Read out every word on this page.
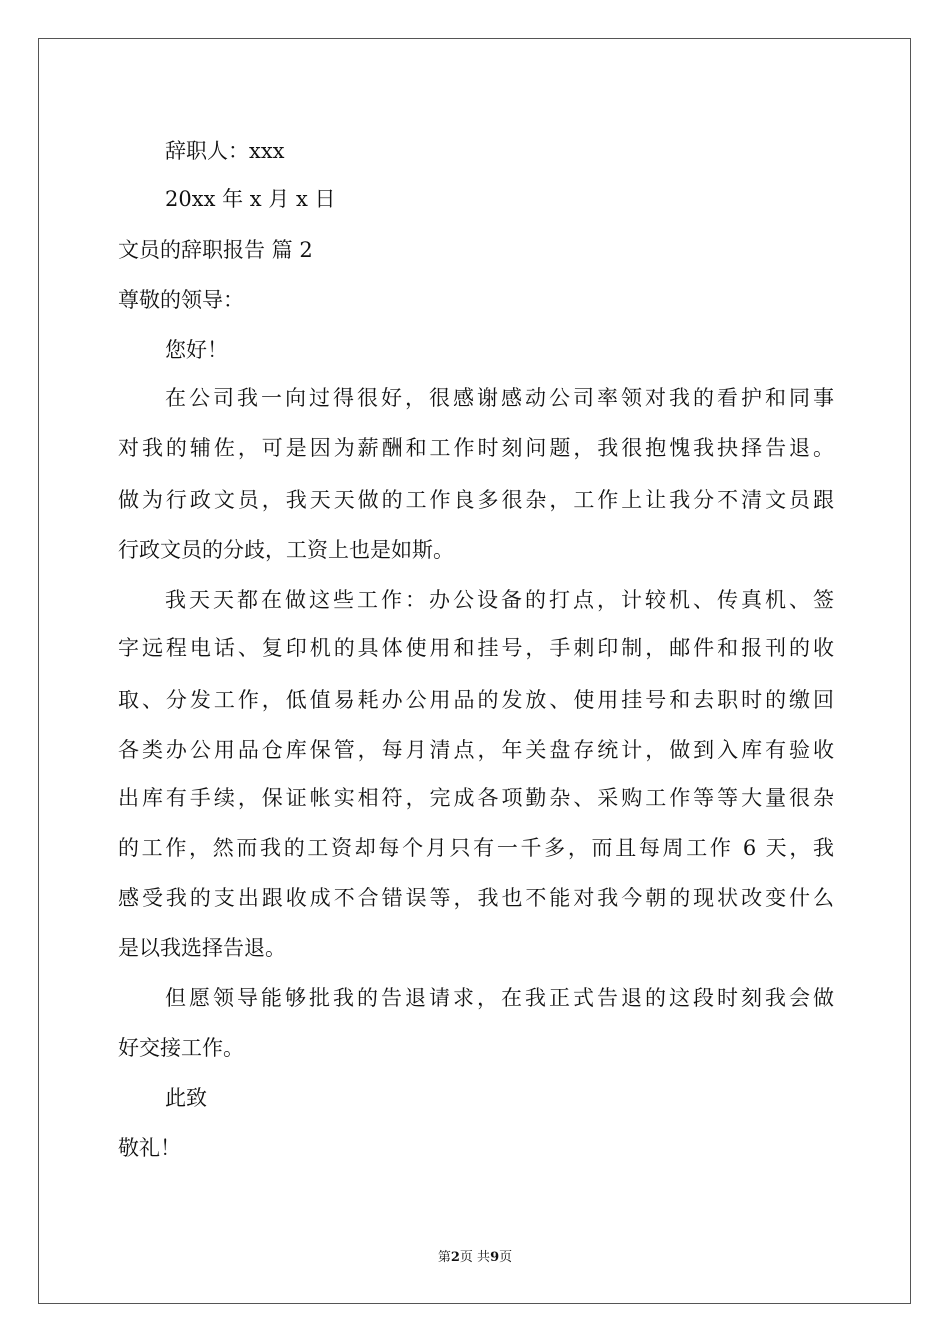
辞职人：xxx
20xx 年 x 月 x 日
文员的辞职报告 篇 2
尊敬的领导：
您好！
在公司我一向过得很好，很感谢感动公司率领对我的看护和同事
对我的辅佐，可是因为薪酬和工作时刻问题，我很抱愧我抉择告退。
做为行政文员，我天天做的工作良多很杂，工作上让我分不清文员跟
行政文员的分歧，工资上也是如斯。
我天天都在做这些工作：办公设备的打点，计较机、传真机、签
字远程电话、复印机的具体使用和挂号，手刺印制，邮件和报刊的收
取、分发工作，低值易耗办公用品的发放、使用挂号和去职时的缴回
各类办公用品仓库保管，每月清点，年关盘存统计，做到入库有验收
出库有手续，保证帐实相符，完成各项勤杂、采购工作等等大量很杂
的工作，然而我的工资却每个月只有一千多，而且每周工作 6 天，我
感受我的支出跟收成不合错误等，我也不能对我今朝的现状改变什么
是以我选择告退。
但愿领导能够批我的告退请求，在我正式告退的这段时刻我会做
好交接工作。
此致
敬礼！
第2页 共9页
